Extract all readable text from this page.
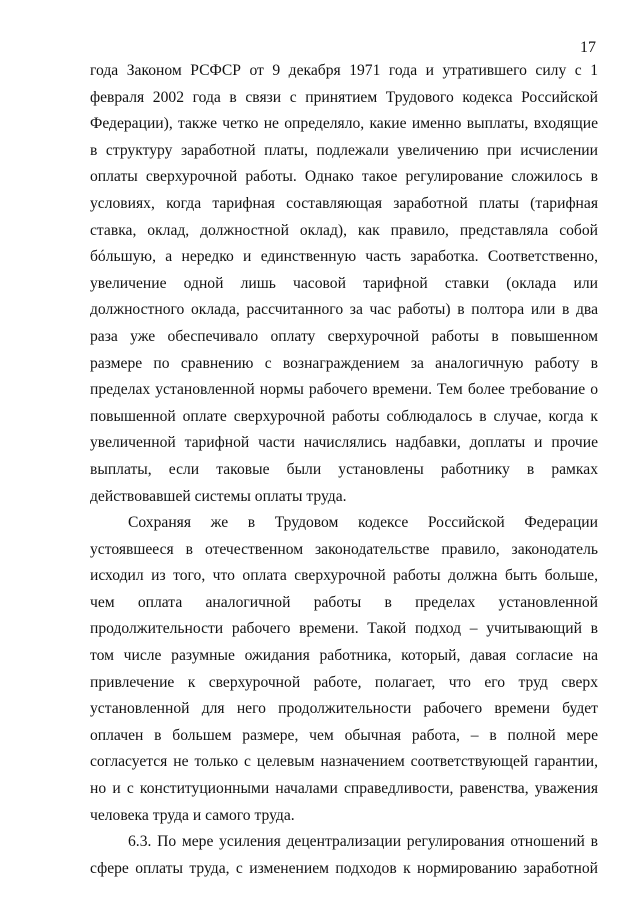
17
года Законом РСФСР от 9 декабря 1971 года и утратившего силу с 1
февраля 2002 года в связи с принятием Трудового кодекса Российской
Федерации), также четко не определяло, какие именно выплаты, входящие
в структуру заработной платы, подлежали увеличению при исчислении
оплаты сверхурочной работы. Однако такое регулирование сложилось в
условиях, когда тарифная составляющая заработной платы (тарифная
ставка, оклад, должностной оклад), как правило, представляла собой
бóльшую, а нередко и единственную часть заработка. Соответственно,
увеличение одной лишь часовой тарифной ставки (оклада или
должностного оклада, рассчитанного за час работы) в полтора или в два
раза уже обеспечивало оплату сверхурочной работы в повышенном
размере по сравнению с вознаграждением за аналогичную работу в
пределах установленной нормы рабочего времени. Тем более требование о
повышенной оплате сверхурочной работы соблюдалось в случае, когда к
увеличенной тарифной части начислялись надбавки, доплаты и прочие
выплаты, если таковые были установлены работнику в рамках
действовавшей системы оплаты труда.
Сохраняя же в Трудовом кодексе Российской Федерации
устоявшееся в отечественном законодательстве правило, законодатель
исходил из того, что оплата сверхурочной работы должна быть больше,
чем оплата аналогичной работы в пределах установленной
продолжительности рабочего времени. Такой подход – учитывающий в
том числе разумные ожидания работника, который, давая согласие на
привлечение к сверхурочной работе, полагает, что его труд сверх
установленной для него продолжительности рабочего времени будет
оплачен в большем размере, чем обычная работа, – в полной мере
согласуется не только с целевым назначением соответствующей гарантии,
но и с конституционными началами справедливости, равенства, уважения
человека труда и самого труда.
6.3. По мере усиления децентрализации регулирования отношений в
сфере оплаты труда, с изменением подходов к нормированию заработной
